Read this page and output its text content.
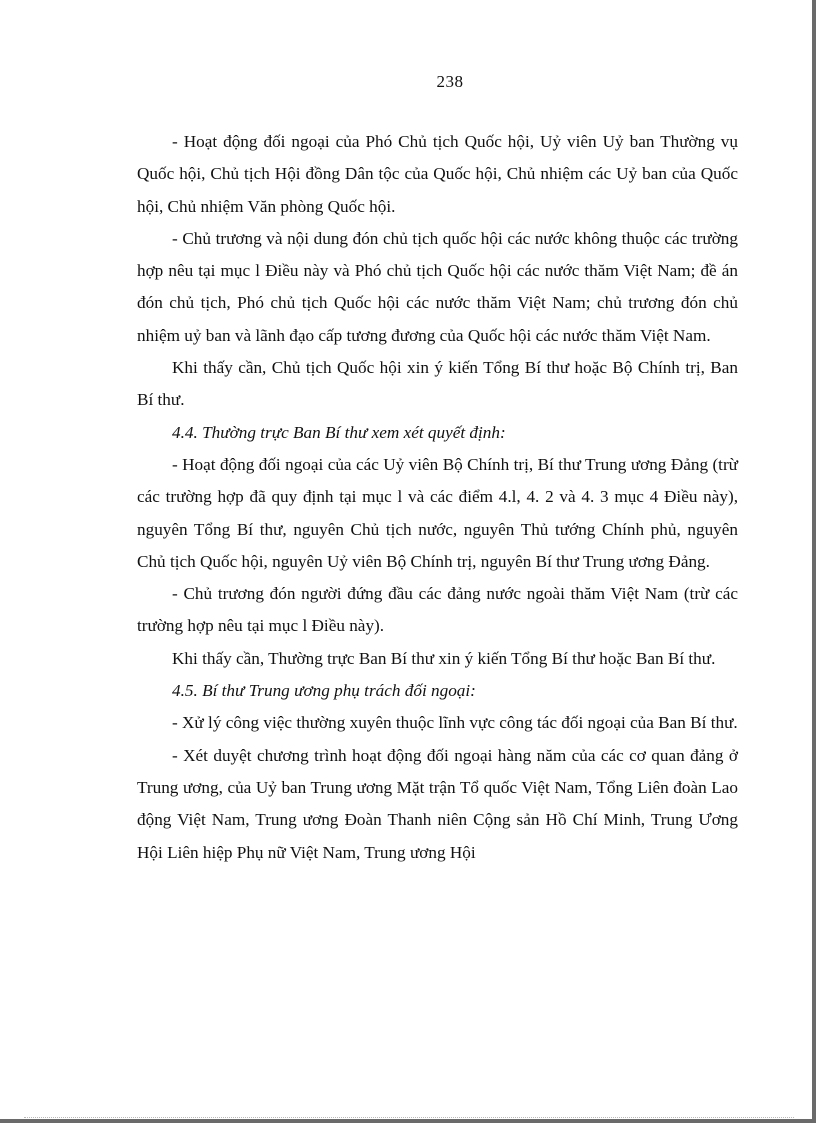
238

- Hoạt động đối ngoại của Phó Chủ tịch Quốc hội, Uỷ viên Uỷ ban Thường vụ Quốc hội, Chủ tịch Hội đồng Dân tộc của Quốc hội, Chủ nhiệm các Uỷ ban của Quốc hội, Chủ nhiệm Văn phòng Quốc hội.

- Chủ trương và nội dung đón chủ tịch quốc hội các nước không thuộc các trường hợp nêu tại mục l Điều này và Phó chủ tịch Quốc hội các nước thăm Việt Nam; đề án đón chủ tịch, Phó chủ tịch Quốc hội các nước thăm Việt Nam; chủ trương đón chủ nhiệm uỷ ban và lãnh đạo cấp tương đương của Quốc hội các nước thăm Việt Nam.

Khi thấy cần, Chủ tịch Quốc hội xin ý kiến Tổng Bí thư hoặc Bộ Chính trị, Ban Bí thư.

4.4. Thường trực Ban Bí thư xem xét quyết định:

- Hoạt động đối ngoại của các Uỷ viên Bộ Chính trị, Bí thư Trung ương Đảng (trừ các trường hợp đã quy định tại mục l và các điểm 4.l, 4. 2 và 4. 3 mục 4 Điều này), nguyên Tổng Bí thư, nguyên Chủ tịch nước, nguyên Thủ tướng Chính phủ, nguyên Chủ tịch Quốc hội, nguyên Uỷ viên Bộ Chính trị, nguyên Bí thư Trung ương Đảng.

- Chủ trương đón người đứng đầu các đảng nước ngoài thăm Việt Nam (trừ các trường hợp nêu tại mục l Điều này).

Khi thấy cần, Thường trực Ban Bí thư xin ý kiến Tổng Bí thư hoặc Ban Bí thư.

4.5. Bí thư Trung ương phụ trách đối ngoại:

- Xử lý công việc thường xuyên thuộc lĩnh vực công tác đối ngoại của Ban Bí thư.

- Xét duyệt chương trình hoạt động đối ngoại hàng năm của các cơ quan đảng ở Trung ương, của Uỷ ban Trung ương Mặt trận Tổ quốc Việt Nam, Tổng Liên đoàn Lao động Việt Nam, Trung ương Đoàn Thanh niên Cộng sản Hồ Chí Minh, Trung Ương Hội Liên hiệp Phụ nữ Việt Nam, Trung ương Hội
